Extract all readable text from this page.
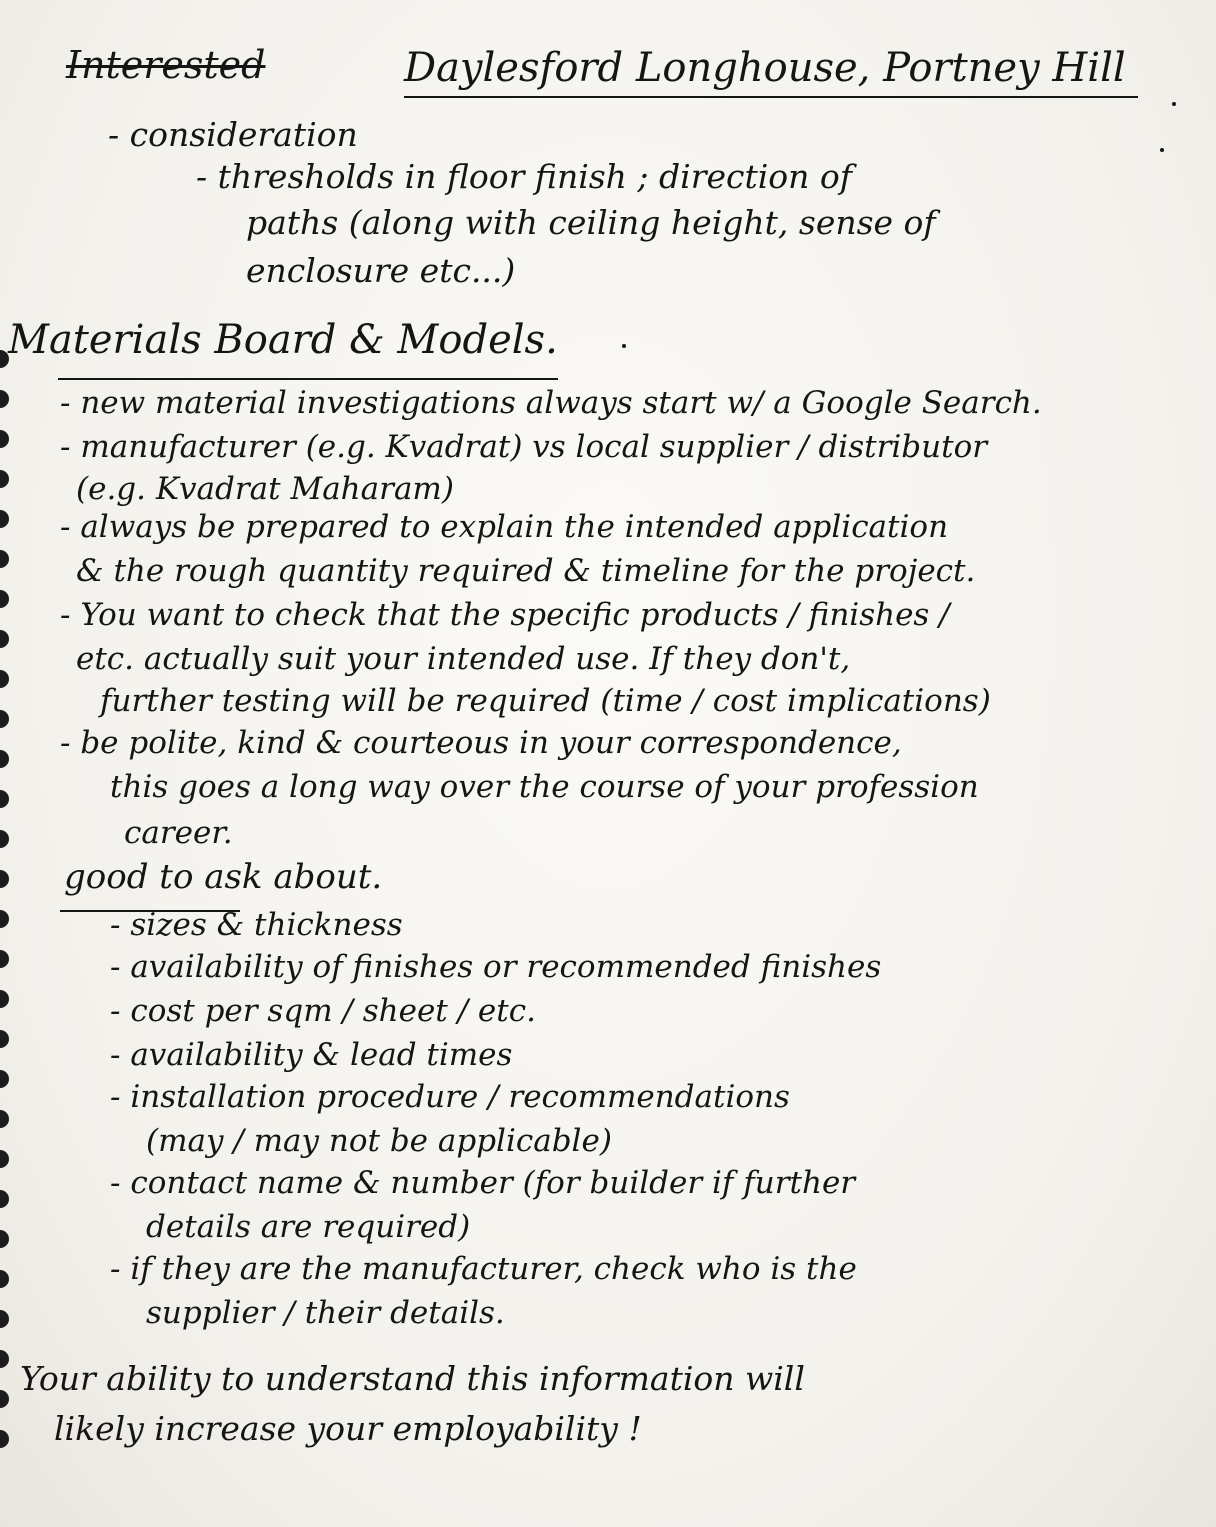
Interested	Daylesford Longhouse, Portney Hill
- consideration
- thresholds in floor finish ; direction of
paths (along with ceiling height, sense of
enclosure etc...)
Materials Board & Models.
- new material investigations always start w/ a Google Search.
- manufacturer (e.g. Kvadrat) vs local supplier / distributor
(e.g. Kvadrat Maharam)
- always be prepared to explain the intended application
& the rough quantity required & timeline for the project.
- You want to check that the specific products / finishes /
etc. actually suit your intended use. If they don't,
further testing will be required (time / cost implications)
- be polite, kind & courteous in your correspondence,
this goes a long way over the course of your profession
career.
good to ask about.
- sizes & thickness
- availability of finishes or recommended finishes
- cost per sqm / sheet / etc.
- availability & lead times
- installation procedure / recommendations
(may / may not be applicable)
- contact name & number (for builder if further
details are required)
- if they are the manufacturer, check who is the
supplier / their details.
Your ability to understand this information will
likely increase your employability !
